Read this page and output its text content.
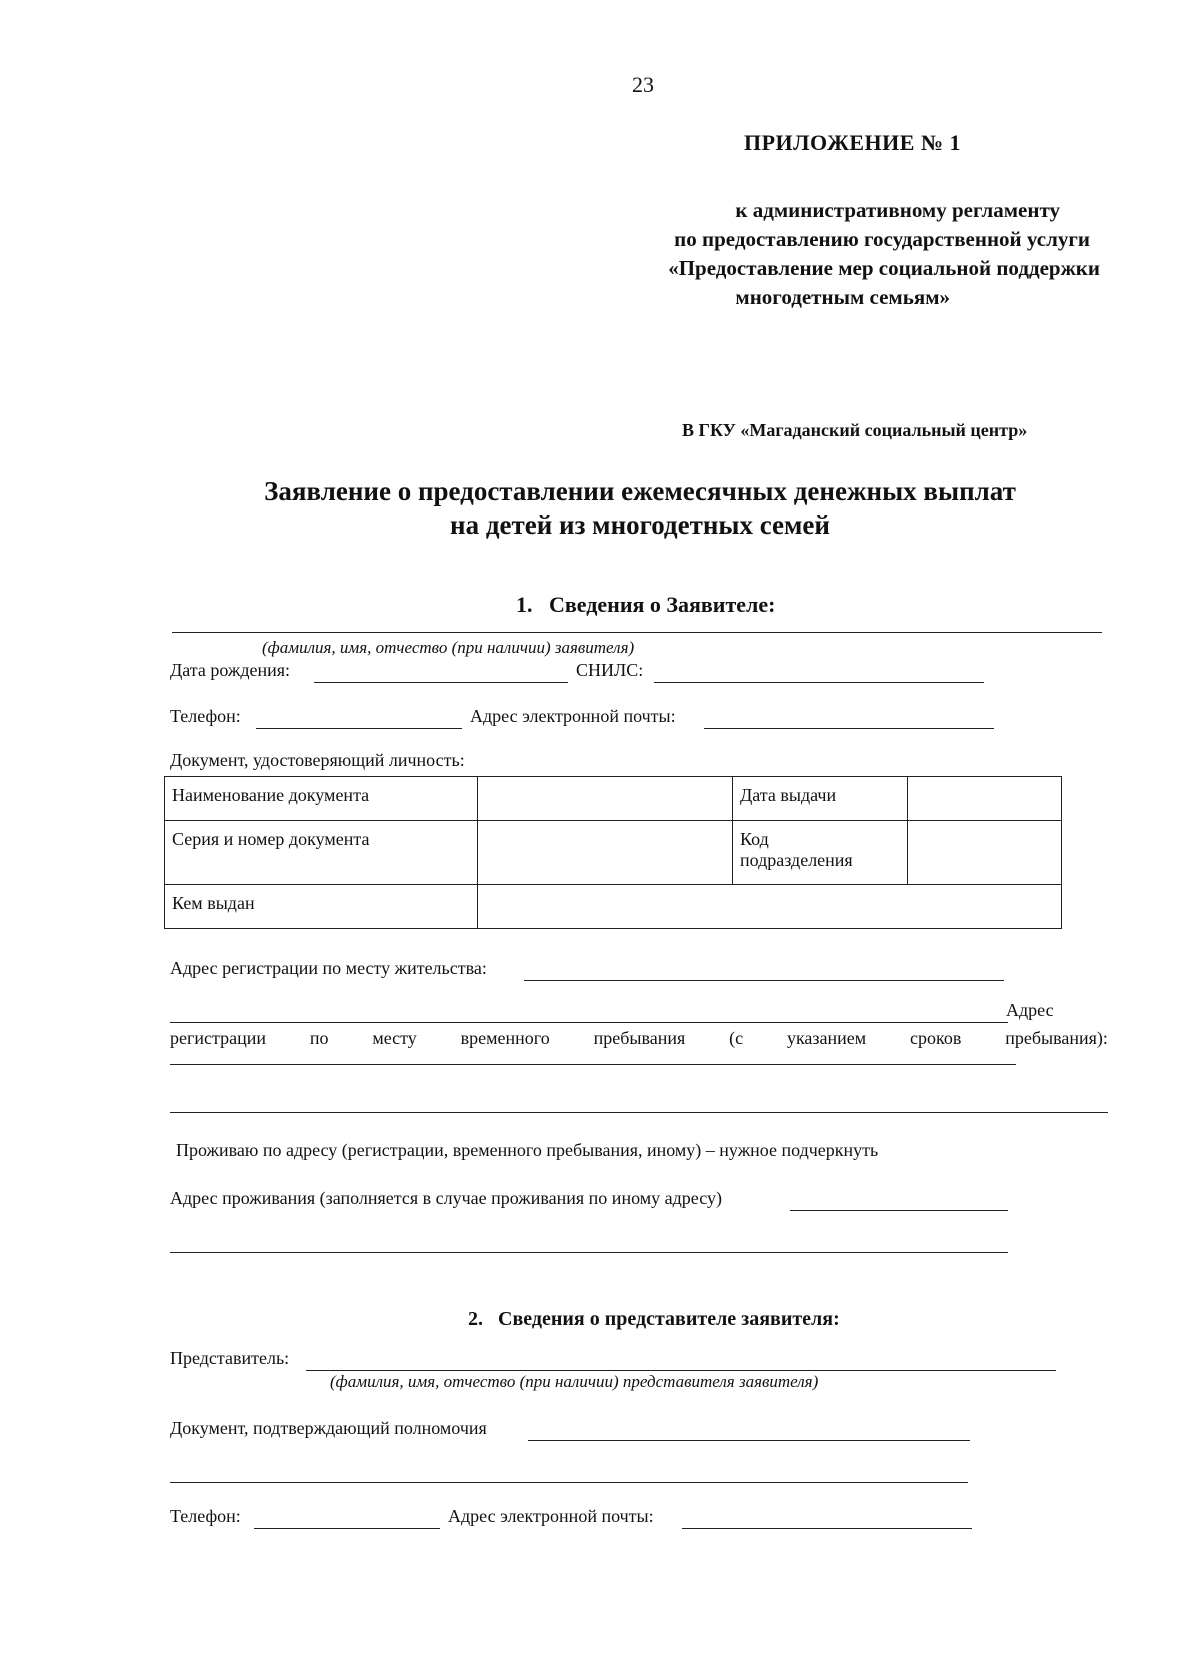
23
ПРИЛОЖЕНИЕ № 1
к административному регламенту
по предоставлению государственной услуги
«Предоставление мер социальной поддержки
многодетным семьям»
В ГКУ «Магаданский социальный центр»
Заявление о предоставлении ежемесячных денежных выплат
на детей из многодетных семей
1.   Сведения о Заявителе:
(фамилия, имя, отчество (при наличии) заявителя)
Дата рождения:	СНИЛС:
Телефон:	Адрес электронной почты:
Документ, удостоверяющий личность:
Наименование документа		Дата выдачи	
Серия и номер документа		Код
подразделения	

Кем выдан			
Адрес регистрации по месту жительства:
Адрес
регистрации по месту временного пребывания (с указанием сроков пребывания):
Проживаю по адресу (регистрации, временного пребывания, иному) – нужное подчеркнуть
Адрес проживания (заполняется в случае проживания по иному адресу)
2.   Сведения о представителе заявителя:
Представитель:
(фамилия, имя, отчество (при наличии) представителя заявителя)
Документ, подтверждающий полномочия
Телефон:	Адрес электронной почты:
